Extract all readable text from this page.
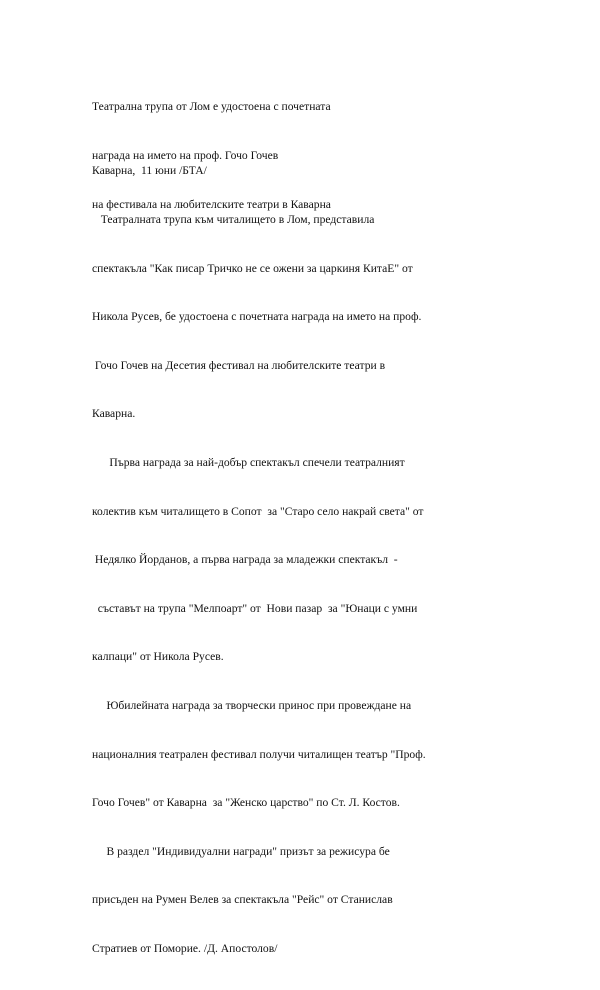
Театрална трупа от Лом е удостоена с почетната

награда на името на проф. Гочо Гочев

на фестивала на любителските театри в Каварна

Каварна,  11 юни /БТА/

Театралната трупа към читалището в Лом, представила

спектакъла "Как писар Тричко не се ожени за царкиня КитаЕ" от

Никола Русев, бе удостоена с почетната награда на името на проф.

Гочо Гочев на Десетия фестивал на любителските театри в

Каварна.

Първа награда за най-добър спектакъл спечели театралният

колектив към читалището в Сопот  за "Старо село накрай света" от

Недялко Йорданов, а първа награда за младежки спектакъл  -

съставът на трупа "Мелпоарт" от  Нови пазар  за "Юнаци с умни

калпаци" от Никола Русев.

Юбилейната награда за творчески принос при провеждане на

националния театрален фестивал получи читалищен театър "Проф.

Гочо Гочев" от Каварна  за "Женско царство" по Ст. Л. Костов.

В раздел "Индивидуални награди" призът за режисура бе

присъден на Румен Велев за спектакъла "Рейс" от Станислав

Стратиев от Поморие. /Д. Апостолов/
